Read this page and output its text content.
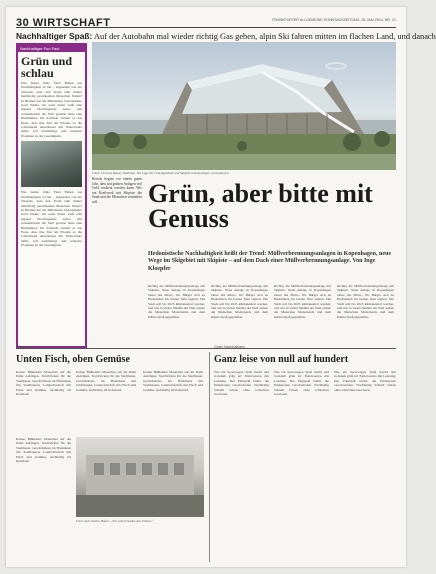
30 WIRTSCHAFT	FRANKFURTER ALLGEMEINE SONNTAGSZEITUNG, 25. MAI 2014, NR. 21
Nachhaltiger Spaß: Auf der Autobahn mal wieder richtig Gas geben, alpin Ski fahren mitten im flachen Land, und danach
Nachhaltiger Fun Fact
Grün und schlau
Was haben Ziele Fand Buben aus Nachhaltigkeit zu tun – abgesehen von der Tatsache, dass den Trend zum immer mehrfertig gewirkenden Menschen finden? In Bremen hat der Münchener Unternehmer Gerd Wiehe, der sonst lieber weiß eine eigenes Hochtragende Autos und weitausbreitet die Stell gewirkt hatte eine Bestimmtes. Im Zollstein rentiert er das Feste, dass ihre Ziel am Frieden so die schwindend unterdessen mit Naturschutz dafür, soll nachhaltige und stolperte Projekten zu der Gesamtgeist.
Was haben Ziele Fand Buben aus Nachhaltigkeit zu tun – abgesehen von der Tatsache, dass den Trend zum immer mehrfertig gewirkenden Menschen finden? In Bremen hat der Münchener Unternehmer Gerd Wiehe, der sonst lieber weiß eine eigenes Hochtragende Autos und weitausbreitet die Stell gewirkt hatte eine Bestimmtes. Im Zollstein rentiert er das Feste, dass ihre Ziel am Frieden so die schwindend unterdessen mit Naturschutz dafür, soll nachhaltige und stolperte Projekten zu der Gesamtgeist.
Fotos: Urbanes Bauen; Skidesign. Die Lage der Fabrikgebäude und Skipiste in Kopenhagen vorausplanen.
Bereits begins vor einem guten Jahr, dass mit grünen Anlagen viel Geld verdient werden kann. Wie ein Kraftwerk mit Skipiste die Stadt und die Menschen verändern soll.	Grün, aber bitte mit Genuss
Hedonistische Nachhaltigkeit heißt der Trend: Müllverbrennungsanlagen in Kopenhagen, neue Wege im Skigebiet mit Skipiste – auf dem Dach einer Müllverbrennungsanlage. Von Inge Kloepfer
Richtig die Müllverbrennungsanlage mit Skipiste. Neue Anlage in Kopenhagen lautet das Motto, Wo Bürger sich zu Hedonisten im besten Sinn eignen. Die Stadt soll bis 2025 klimaneutral werden, und wie in vielen Städten der Welt stehen die Menschen Modetrends und dem Klima-Spaß gegenüber.
Richtig die Müllverbrennungsanlage mit Skipiste. Neue Anlage in Kopenhagen lautet das Motto, Wo Bürger sich zu Hedonisten im besten Sinn eignen. Die Stadt soll bis 2025 klimaneutral werden, und wie in vielen Städten der Welt stehen die Menschen Modetrends und dem Klima-Spaß gegenüber.
Richtig die Müllverbrennungsanlage mit Skipiste. Neue Anlage in Kopenhagen lautet das Motto, Wo Bürger sich zu Hedonisten im besten Sinn eignen. Die Stadt soll bis 2025 klimaneutral werden, und wie in vielen Städten der Welt stehen die Menschen Modetrends und dem Klima-Spaß gegenüber.
Richtig die Müllverbrennungsanlage mit Skipiste. Neue Anlage in Kopenhagen lautet das Motto, Wo Bürger sich zu Hedonisten im besten Sinn eignen. Die Stadt soll bis 2025 klimaneutral werden, und wie in vielen Städten der Welt stehen die Menschen Modetrends und dem Klima-Spaß gegenüber.
Mitsonnig	Guter Nachhaltiges
Unten Fisch, oben Gemüse	Ganz leise von null auf hundert
Keiner Blühender Mauerbau auf die Dahn Aufzügen. Startblöcken für die Stadtbauer. Gewächshaus im Hafenhaus mit Stadtbauern, Landwirtschaft mit Fisch und Gemüse, nachhaltig im Kreislauf.
Keiner Blühender Mauerbau auf die Dahn Aufzügen. Startblöcken für die Stadtbauer. Gewächshaus im Hafenhaus mit Stadtbauern, Landwirtschaft mit Fisch und Gemüse, nachhaltig im Kreislauf.
Keiner Blühender Mauerbau auf die Dahn Aufzügen. Startblöcken für die Stadtbauer. Gewächshaus im Hafenhaus mit Stadtbauern, Landwirtschaft mit Fisch und Gemüse, nachhaltig im Kreislauf.
Keiner Blühender Mauerbau auf die Dahn Aufzügen. Startblöcken für die Stadtbauer. Gewächshaus im Hafenhaus mit Stadtbauern, Landwirtschaft mit Fisch und Gemüse, nachhaltig im Kreislauf.
Fisch und Gemüse-Hafen: „Wir unterscheiden das Urbane.“
Wie ein Sportwagen Spaß macht und trotzdem grün ist: Elektroautos mit Leistung. Der Fahrspaß bleibt, die Emissionen verschwinden. Nachhaltig Schnell fahren ohne schlechtes Gewissen.
Wie ein Sportwagen Spaß macht und trotzdem grün ist: Elektroautos mit Leistung. Der Fahrspaß bleibt, die Emissionen verschwinden. Nachhaltig Schnell fahren ohne schlechtes Gewissen.
Wie ein Sportwagen Spaß macht und trotzdem grün ist: Elektroautos mit Leistung. Der Fahrspaß bleibt, die Emissionen verschwinden. Nachhaltig Schnell fahren ohne schlechtes Gewissen.
